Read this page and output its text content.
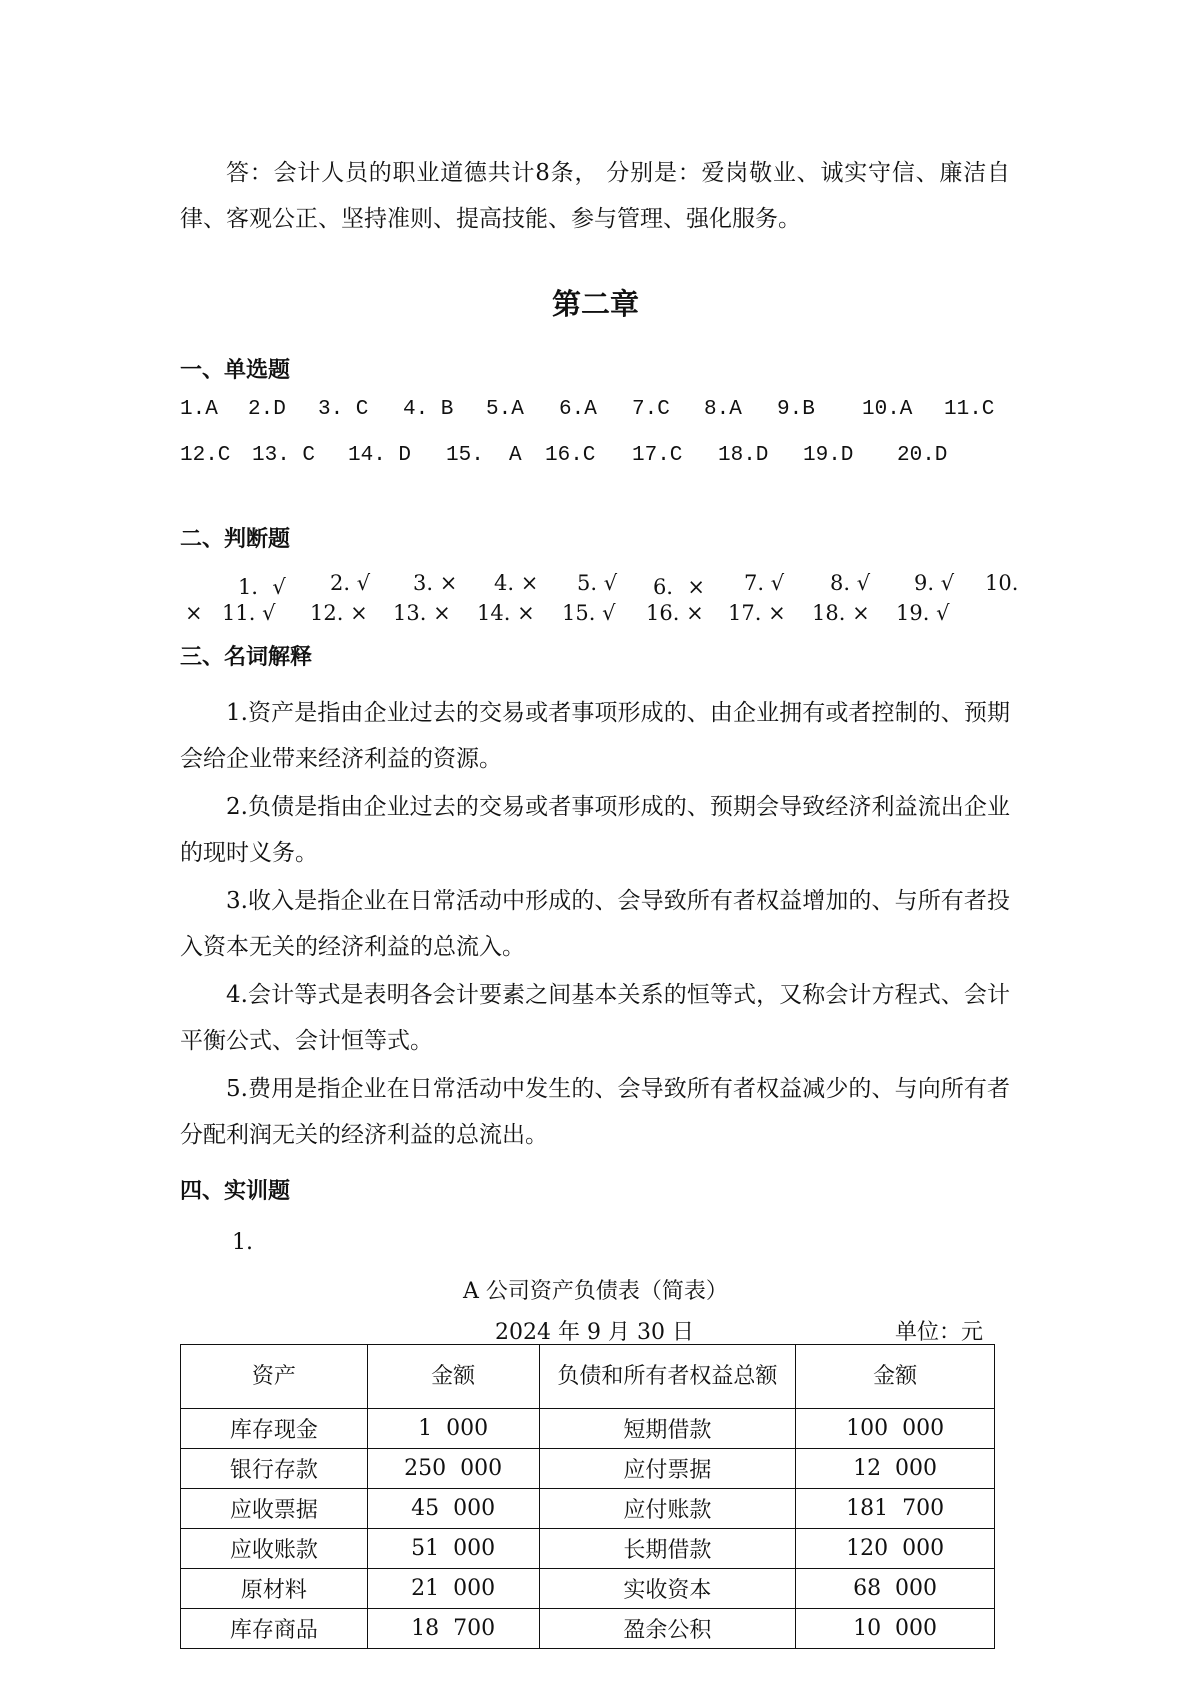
答：会计人员的职业道德共计8条， 分别是：爱岗敬业、诚实守信、廉洁自律、客观公正、坚持准则、提高技能、参与管理、强化服务。

第二章
一、单选题
1.A 2.D 3. C 4. B 5.A 6.A 7.C 8.A 9.B 10.A 11.C
12.C 13. C 14. D 15.  A 16.C 17.C 18.D 19.D 20.D
二、判断题
1．√ 2. √ 3. × 4. × 5. √ 6．× 7. √ 8. √ 9. √ 10.
× 11. √ 12. × 13. × 14. × 15. √ 16. × 17. × 18. × 19. √
三、名词解释

1.资产是指由企业过去的交易或者事项形成的、由企业拥有或者控制的、预期会给企业带来经济利益的资源。

2.负债是指由企业过去的交易或者事项形成的、预期会导致经济利益流出企业的现时义务。

3.收入是指企业在日常活动中形成的、会导致所有者权益增加的、与所有者投入资本无关的经济利益的总流入。

4.会计等式是表明各会计要素之间基本关系的恒等式，又称会计方程式、会计平衡公式、会计恒等式。

5.费用是指企业在日常活动中发生的、会导致所有者权益减少的、与向所有者分配利润无关的经济利益的总流出。

四、实训题

1.

A 公司资产负债表（简表）

2024 年 9 月 30 日	单位：元

资产	金额	负债和所有者权益总额	金额
库存现金	1  000	短期借款	100  000
银行存款	250  000	应付票据	12  000
应收票据	45  000	应付账款	181  700
应收账款	51  000	长期借款	120  000
原材料	21  000	实收资本	68  000
库存商品	18  700	盈余公积	10  000
